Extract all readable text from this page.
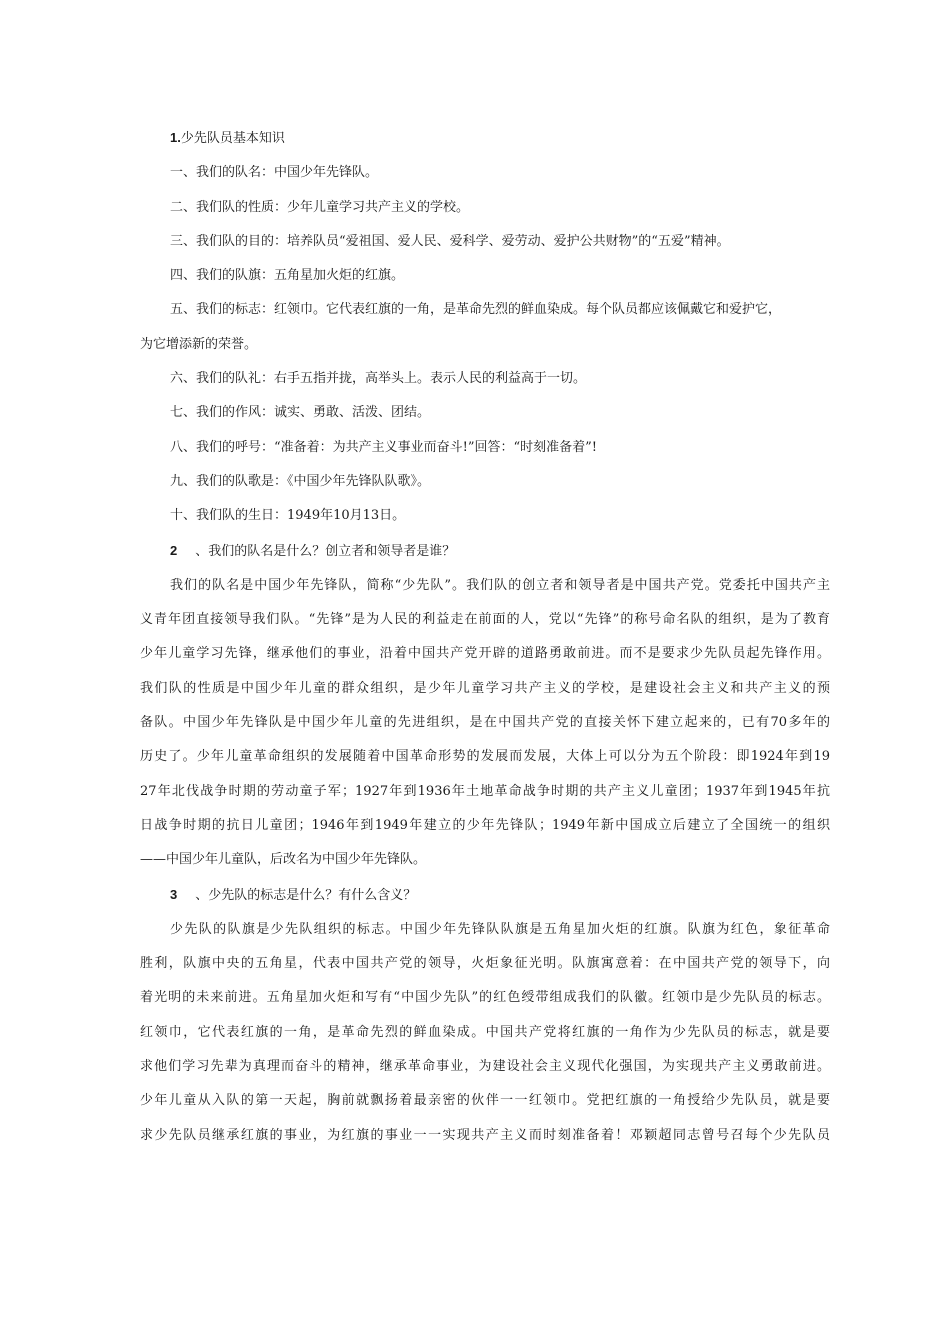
1.少先队员基本知识
一、我们的队名：中国少年先锋队。
二、我们队的性质：少年儿童学习共产主义的学校。
三、我们队的目的：培养队员“爱祖国、爱人民、爱科学、爱劳动、爱护公共财物”的“五爱”精神。
四、我们的队旗：五角星加火炬的红旗。
五、我们的标志：红领巾。它代表红旗的一角，是革命先烈的鲜血染成。每个队员都应该佩戴它和爱护它，
为它增添新的荣誉。
六、我们的队礼：右手五指并拢，高举头上。表示人民的利益高于一切。
七、我们的作风：诚实、勇敢、活泼、团结。
八、我们的呼号：“准备着：为共产主义事业而奋斗!”回答：“时刻准备着”!
九、我们的队歌是：《中国少年先锋队队歌》。
十、我们队的生日：1949年10月13日。
2 、我们的队名是什么？创立者和领导者是谁？
我们的队名是中国少年先锋队，简称“少先队”。我们队的创立者和领导者是中国共产党。党委托中国共产主
义青年团直接领导我们队。“先锋”是为人民的利益走在前面的人，党以“先锋”的称号命名队的组织，是为了教育
少年儿童学习先锋，继承他们的事业，沿着中国共产党开辟的道路勇敢前进。而不是要求少先队员起先锋作用。
我们队的性质是中国少年儿童的群众组织，是少年儿童学习共产主义的学校，是建设社会主义和共产主义的预
备队。中国少年先锋队是中国少年儿童的先进组织，是在中国共产党的直接关怀下建立起来的，已有70多年的
历史了。少年儿童革命组织的发展随着中国革命形势的发展而发展，大体上可以分为五个阶段：即1924年到19
27年北伐战争时期的劳动童子军；1927年到1936年土地革命战争时期的共产主义儿童团；1937年到1945年抗
日战争时期的抗日儿童团；1946年到1949年建立的少年先锋队；1949年新中国成立后建立了全国统一的组织
——中国少年儿童队，后改名为中国少年先锋队。
3 、少先队的标志是什么？有什么含义？
少先队的队旗是少先队组织的标志。中国少年先锋队队旗是五角星加火炬的红旗。队旗为红色，象征革命
胜利，队旗中央的五角星，代表中国共产党的领导，火炬象征光明。队旗寓意着：在中国共产党的领导下，向
着光明的未来前进。五角星加火炬和写有“中国少先队”的红色绶带组成我们的队徽。红领巾是少先队员的标志。
红领巾，它代表红旗的一角，是革命先烈的鲜血染成。中国共产党将红旗的一角作为少先队员的标志，就是要
求他们学习先辈为真理而奋斗的精神，继承革命事业，为建设社会主义现代化强国，为实现共产主义勇敢前进。
少年儿童从入队的第一天起，胸前就飘扬着最亲密的伙伴一一红领巾。党把红旗的一角授给少先队员，就是要
求少先队员继承红旗的事业，为红旗的事业一一实现共产主义而时刻准备着！邓颖超同志曾号召每个少先队员
